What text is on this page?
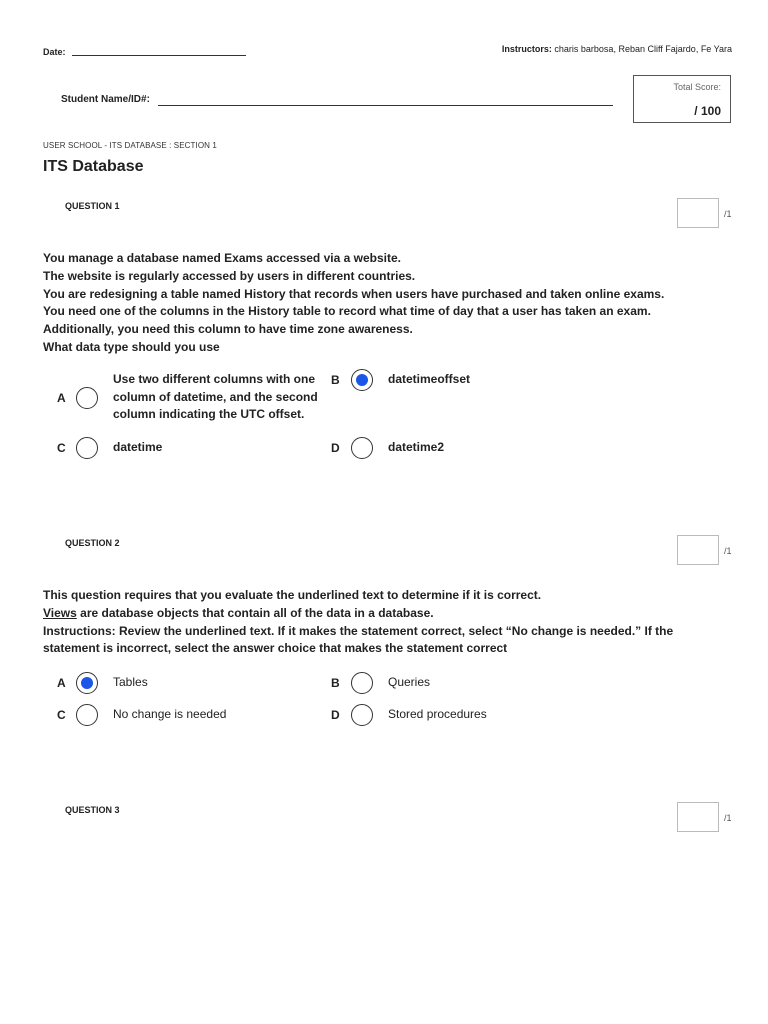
Date:	Instructors: charis barbosa, Reban Cliff Fajardo, Fe Yara
Student Name/ID#:
Total Score:
/ 100
USER SCHOOL - ITS DATABASE : SECTION 1
ITS Database
QUESTION 1
/1
You manage a database named Exams accessed via a website.
The website is regularly accessed by users in different countries.
You are redesigning a table named History that records when users have purchased and taken online exams.
You need one of the columns in the History table to record what time of day that a user has taken an exam.
Additionally, you need this column to have time zone awareness.
What data type should you use
A
Use two different columns with one column of datetime, and the second column indicating the UTC offset.
B	datetimeoffset
C	datetime	D	datetime2
QUESTION 2
/1
This question requires that you evaluate the underlined text to determine if it is correct.
Views are database objects that contain all of the data in a database.
Instructions: Review the underlined text. If it makes the statement correct, select “No change is needed.” If the statement is incorrect, select the answer choice that makes the statement correct
A	Tables	B	Queries
C	No change is needed	D	Stored procedures
QUESTION 3
/1
